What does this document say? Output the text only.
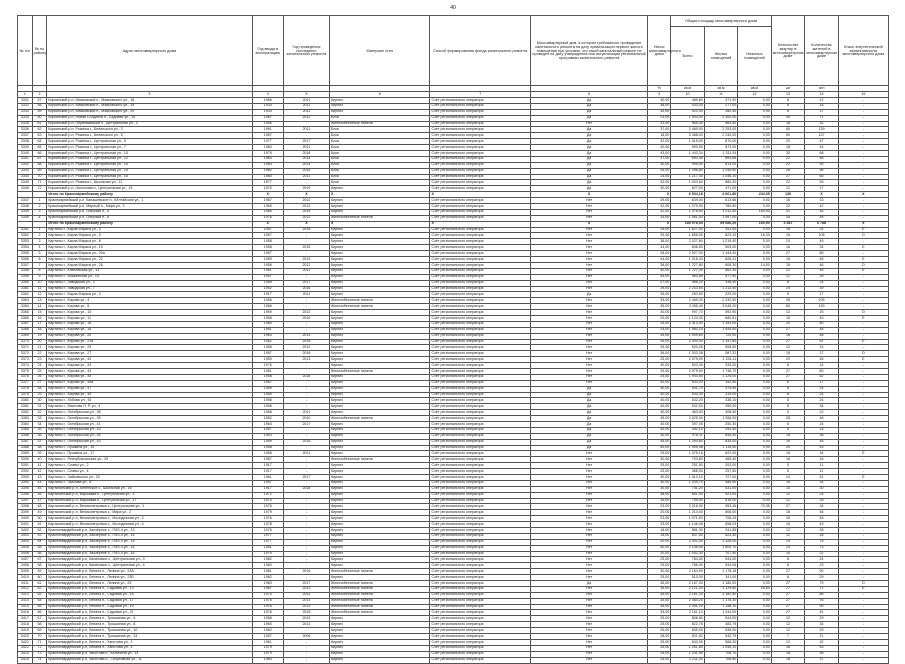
40
№ п/п	№ по району	Адрес многоквартирного дома	Год ввода в эксплуатацию	Год проведения последнего капитального ремонта	Материал стен	Способ формирования фонда капитального ремонта	Многоквартирный дом, в котором требовалось проведение капитального ремонта на дату приватизации первого жилого помещения при условии, что такой капитальный ремонт не проведен на дату утверждения или актуализации региональной программы капитального ремонта	Износ многоквартирного дома	Общая площадь многоквартирного дома			Количество квартир в многоквартирном доме	Количество жителей в многоквартирном доме	Класс энергетической эффективности многоквартирного дома
									Всего	Жилых помещений	Нежилых помещений			
								%	кв.м	кв.м	кв.м	шт	чел	
1	2	3	4	5	6	7	8	9	10	11	12	13	14	15
3331	57	Коркинский р-н, Маяковский п., Маяковского ул., 18	1966	2011	Кирпич	Счёт регионального оператора	Да	40,00	489,60	371,90	0,00	8	12	-
3332	58	Коркинский р-н, Маяковский п., Маяковского ул., 19	1934	2011	Кирпич	Счёт регионального оператора	Да	38,00	433,00	277,00	0,00	8	16	-
3333	59	Коркинский р-н, Маяковский п., Маяковского ул., 20	1934	2011	Кирпич	Счёт регионального оператора	Да	35,00	422,00	282,40	0,00	8	17	-
3334	60	Коркинский р-н, Новая Солдатка п., Садовая ул., 14	1987	2012	Блок	Счёт регионального оператора	Да	23,00	1 943,00	1 302,00	0,00	30	71	-
3335	61	Коркинский р-н, Первомайский п., Центральная ул., 3	1955	-	Железобетонные панели	Счёт регионального оператора	Нет	33,00	965,30	563,40	0,00	16	32	-
3336	62	Коркинский р-н, Розинка г., Белинского ул., 3	1961	2011	Блок	Счёт регионального оператора	Да	37,00	2 489,00	2 253,00	0,00	60	139	-
3337	63	Коркинский р-н, Розинка г., Белинского ул., 5	1987	-	Блок	Счёт регионального оператора	Да	18,00	3 468,00	2 240,00	0,00	50	127	-
3338	64	Коркинский р-н, Розинка г., Центральная ул., 5	1977	2017	Блок	Счёт регионального оператора	Да	32,00	1 015,00	870,00	0,00	20	47	-
3339	65	Коркинский р-н, Розинка г., Центральная ул., 7	1960	2011	Блок	Счёт регионального оператора	Да	40,00	993,50	873,00	0,00	18	44	-
3340	66	Коркинский р-н, Розинка г., Центральная ул., 10	1979	2018	Блок	Счёт регионального оператора	Да	43,00	1 443,34	1 311,34	0,00	30	68	-
3341	67	Коркинский р-н, Розинка г., Центральная ул., 12	1984	2014	Блок	Счёт регионального оператора	Да	37,00	993,45	893,88	0,00	22	48	-
3342	68	Коркинский р-н, Розинка г., Центральная ул., 14	1984	2014	Блок	Счёт регионального оператора	Да	30,00	995,00	813,00	0,00	22	50	-
3343	69	Коркинский р-н, Розинка г., Центральная ул., 15	1982	2015	Блок	Счёт регионального оператора	Да	26,00	1 396,60	1 245,60	0,00	28	56	-
3344	70	Коркинский р-н, Розинка г., Центральная ул., 16	1984	2011	Блок	Счёт регионального оператора	Да	24,00	1 217,30	1 046,10	0,00	27	60	-
3345	71	Коркинский р-н, Розинка г., Школьная ул., 13	1977	-	Блок	Счёт регионального оператора	Да	32,00	1 003,60	880,20	0,00	22	55	-
3346	72	Коркинский р-н, Шолохова п., Центральная ул., 19	1970	2019	Кирпич	Счёт регионального оператора	Да	30,00	627,00	471,00	0,00	12	27	-
		Итого по Красноармейскому району	X	X	X	X	X	X	6 504,18	4 661,80	244,05	139	X	X
3347	1	Красноармейский р-н, Канашевское п., Кёлтайская ул., 1	1967	2012	Кирпич	Счёт регионального оператора	Нет	29,00	639,00	613,56	0,00	16	33	-
3348	2	Красноармейский р-н, Мирный п., Мира ул., 3	1965	2013	Кирпич	Счёт регионального оператора	Нет	42,00	1 079,90	780,80	0,00	22	42	-
3349	3	Красноармейский р-н, Озерный п., 5	1985	2015	Кирпич	Счёт регионального оператора	Нет	32,00	1 378,50	1 212,50	164,00	31	46	-
3350	4	Красноармейский р-н, Озерный п., 8	1976	2012	Железобетонные панели	Счёт регионального оператора	Нет	34,00	1 561,00	1 497,00	0,00	28	48	-
		Итого по Красноармейскому району	X	X	X	X	X	X	185 978,33	69 086,20	165,50	3 387	6 788	X
3351	1	Карталы г., Карла Маркса ул., 3	1957	2018	Кирпич	Счёт регионального оператора	Нет	25,00	1 627,00	811,00	0,00	16	24	E
3352	2	Карталы г., Карла Маркса ул., 5	1957	-	Кирпич	Счёт регионального оператора	Нет	25,00	1 656,00	823,10	16,33	16	108	D
3353	3	Карталы г., Карла Маркса ул., 8	1958	-	Кирпич	Счёт регионального оператора	Нет	38,00	2 027,60	1 219,40	0,00	24	45	-
3354	4	Карталы г., Карла Маркса ул., 10	1958	2015	Кирпич	Счёт регионального оператора	Нет	44,00	846,50	509,00	0,00	16	34	E
3355	5	Карталы г., Карла Маркса ул., 20а	1957	-	Кирпич	Счёт регионального оператора	Нет	28,00	2 927,00	1 444,40	0,00	27	80	-
3356	6	Карталы г., Карла Маркса ул., 22	1959	2013	Кирпич	Счёт регионального оператора	Нет	44,00	1 215,33	826,41	0,00	16	46	E
3357	7	Карталы г., Карла Маркса ул., 26	1958	2012	Кирпич	Счёт регионального оператора	Нет	38,00	1 227,80	806,30	14,00	16	46	D
3358	8	Карталы г., Ключевская ул., 13	1961	2011	Кирпич	Счёт регионального оператора	Нет	40,00	1 227,05	862,30	0,00	22	46	E
3359	9	Карталы г., Вокзальная ул., 15	1957	-	Кирпич	Счёт регионального оператора	Нет	45,00	963,89	577,90	0,00	12	26	-
3360	10	Карталы г., Заводская ул., 3	1958	2017	Кирпич	Счёт регионального оператора	Нет	27,00	486,20	336,40	0,00	8	24	-
3361	11	Карталы г., Заводская ул., 7	1952	2016	Кирпич	Счёт регионального оператора	Нет	29,00	2 233,64	1 212,50	0,00	20	39	-
3362	12	Карталы г., Карла Маркса ул., 2	1917	2011	Кирпич	Счёт регионального оператора	Да	35,00	283,60	229,00	0,00	5	17	-
3363	13	Карталы г., Кирова ул., 4	1956	-	Железобетонные панели	Счёт регионального оператора	Нет	35,00	2 465,30	2 232,90	0,00	45	105	-
3364	14	Карталы г., Кирова ул., 9	1966	-	Железобетонные панели	Счёт регионального оператора	Нет	35,00	3 455,40	3 045,20	0,00	60	139	-
3365	15	Карталы г., Кирова ул., 10	1959	2012	Кирпич	Счёт регионального оператора	Нет	30,00	997,70	592,90	0,00	12	25	D
3366	16	Карталы г., Кирова ул., 11	1958	2016	Кирпич	Счёт регионального оператора	Нет	20,00	1 124,30	680,81	0,00	16	40	E
3367	17	Карталы г., Кирова ул., 16	1960	-	Кирпич	Счёт регионального оператора	Нет	25,00	2 413,00	1 393,00	0,00	20	60	-
3368	18	Карталы г., Кирова ул., 18	1961	-	Кирпич	Счёт регионального оператора	Нет	25,00	1 982,24	1 645,90	0,00	27	48	-
3369	19	Карталы г., Кирова ул., 20	1963	2013	Кирпич	Счёт регионального оператора	Нет	35,00	1 009,60	720,00	0,00	16	48	-
3370	20	Карталы г., Кирова ул., 23а	1962	2018	Кирпич	Счёт регионального оператора	Нет	26,00	2 300,00	1 347,60	0,00	27	61	E
3371	21	Карталы г., Кирова ул., 25	1958	2012	Кирпич	Счёт регионального оператора	Нет	25,00	820,25	508,50	0,00	12	24	-
3372	22	Карталы г., Кирова ул., 27	1957	2018	Кирпич	Счёт регионального оператора	Нет	36,00	1 003,38	587,32	0,00	16	37	D
3373	23	Карталы г., Кирова ул., 42	1959	2013	Кирпич	Счёт регионального оператора	Нет	25,00	2 079,09	1 154,11	0,00	20	46	E
3374	24	Карталы г., Кирова ул., 43	1976	-	Кирпич	Счёт регионального оператора	Нет	40,00	533,39	333,20	0,00	8	24	-
3375	25	Карталы г., Кирова ул., 44	1961	-	Железобетонные панели	Счёт регионального оператора	Нет	25,00	2 975,90	1 746,70	0,00	27	80	-
3376	26	Карталы г., Кирова ул., 45	1958	2018	Кирпич	Счёт регионального оператора	Нет	25,00	1 943,50	1 126,00	0,00	27	52	-
3377	27	Карталы г., Кирова ул., 45а	1957	-	Кирпич	Счёт регионального оператора	Нет	40,00	533,20	342,50	0,00	8	17	-
3378	28	Карталы г., Кирова ул., 47	1959	-	Кирпич	Счёт регионального оператора	Да	40,00	541,70	375,50	0,00	8	24	-
3379	29	Карталы г., Кирова ул., 49	1959	-	Кирпич	Счёт регионального оператора	Да	40,00	533,30	319,00	0,00	8	24	-
3380	30	Карталы г., Лобова ул., 51	1958	-	Кирпич	Счёт регионального оператора	Да	40,00	532,20	336,10	0,00	8	24	-
3381	31	Карталы г., Маслова П. Р. ул., 4	1956	-	Кирпич	Счёт регионального оператора	Да	40,00	532,00	350,00	0,00	8	34	-
3382	32	Карталы г., Октябрьская ул., 36	1958	2011	Кирпич	Счёт регионального оператора	Да	40,00	463,00	308,50	0,00	9	22	-
3383	33	Карталы г., Октябрьская ул., 39	1952	2010	Железобетонные панели	Счёт регионального оператора	Да	45,00	2 025,00	1 266,00	0,00	28	48	-
3384	34	Карталы г., Октябрьская ул., 41	1964	2017	Кирпич	Счёт регионального оператора	Да	40,00	397,05	250,30	0,00	8	24	-
3385	35	Карталы г., Октябрьская ул., 43	1957	-	Кирпич	Счёт регионального оператора	Да	40,00	392,10	254,50	0,00	8	24	-
3386	36	Карталы г., Октябрьская ул., 45	1953	-	Кирпич	Счёт регионального оператора	Да	30,00	976,11	645,30	0,00	15	38	-
3387	37	Карталы г., Октябрьская ул., 53	1959	2016	Кирпич	Счёт регионального оператора	Да	45,00	1 294,60	835,00	0,00	16	48	-
3388	38	Карталы г., Пушкина ул., 15	1958	-	Кирпич	Счёт регионального оператора	Да	40,00	1 905,48	1 115,50	0,00	20	53	-
3389	39	Карталы г., Пушкина ул., 17	1958	2011	Кирпич	Счёт регионального оператора	Нет	25,00	1 075,16	622,00	0,00	16	34	E
3390	40	Карталы г., Республиканская ул., 25	1957	-	Железобетонные панели	Счёт регионального оператора	Нет	30,00	703,80	469,40	0,00	16	16	-
3391	41	Карталы г., Славы ул., 2	1917	-	Кирпич	Счёт регионального оператора	Нет	25,00	251,50	202,00	0,00	5	11	-
3392	42	Карталы г., Славы ул., 4	1917	-	Кирпич	Счёт регионального оператора	Нет	25,00	368,00	257,50	0,00	6	11	-
3393	43	Карталы г., Чайковского ул., 20	1961	2017	Кирпич	Счёт регионального оператора	Нет	40,00	1 012,10	727,00	0,00	24	51	E
3394	44	Карталы г., Чкалова ул., 8	1957	-	Кирпич	Счёт регионального оператора	Нет	40,00	1 039,70	585,50	0,00	16	34	-
3395	45	Карталинский р-н, Анненское с., Школьная ул., 16	1917	2018	Кирпич	Счёт регионального оператора	Нет	30,00	741,20	531,00	0,00	10	30	-
3396	46	Карталинский р-н, Варшавка п., Центральная ул., 3	1972	-	Кирпич	Счёт регионального оператора	Нет	38,00	851,00	521,00	0,00	12	24	-
3397	47	Карталинский р-н, Варшавка п., Центральная ул., 17	1970	-	Кирпич	Счёт регионального оператора	Нет	35,00	799,00	516,00	0,00	12	25	-
3398	48	Карталинский р-н, Великопетровка с., Центральная ул., 1	1976	-	Кирпич	Счёт регионального оператора	Нет	23,00	2 016,00	953,46	70,35	27	34	-
3399	49	Карталинский р-н, Великопетровка с., Мира ул., 2	1979	-	Кирпич	Счёт регионального оператора	Нет	20,00	1 214,00	806,00	0,00	18	46	-
3400	50	Карталинский р-н, Великопетровка с., Молодежная ул., 2	1976	-	Кирпич	Счёт регионального оператора	Нет	23,00	1 071,00	708,25	0,00	16	45	-
3401	51	Карталинский р-н, Великопетровка с., Молодежная ул., 4	1978	-	Кирпич	Счёт регионального оператора	Нет	23,00	1 146,08	658,03	0,00	16	43	-
3402	52	Красногвардейский р-н, Заозёрное с., ГМЗ-4 ул., 13	1976	-	Кирпич	Счёт регионального оператора	Нет	18,00	881,30	511,85	0,00	12	28	-
3403	53	Красногвардейский р-н, Заозёрное с., ГМЗ-4 ул., 14	1977	-	Кирпич	Счёт регионального оператора	Нет	15,00	837,00	523,30	0,00	12	26	-
3404	54	Красногвардейский р-н, Заозёрное с., ГМЗ-4 ул., 15	1977	-	Кирпич	Счёт регионального оператора	Нет	20,00	2 002,00	1 326,00	0,00	24	75	-
3405	55	Красногвардейский р-н, Заозёрное с., ГМЗ-4 ул., 16	1981	-	Кирпич	Счёт регионального оператора	Нет	40,00	2 146,06	1 809,70	0,00	24	73	-
3406	56	Красногвардейский р-н, Заозёрное с., ГМЗ-4 ул., 18	1979	-	Кирпич	Счёт регионального оператора	Нет	20,00	1 002,30	707,40	0,00	10	22	-
3407	57	Красногвардейский р-н, Калиновка п., Центральная ул., 3	1982	-	Кирпич	Счёт регионального оператора	Нет	25,00	784,30	544,00	0,00	8	24	-
3408	58	Красногвардейский р-н, Калиновка п., Центральная ул., 4	1983	-	Кирпич	Счёт регионального оператора	Нет	25,00	786,00	544,06	0,00	8	23	-
3409	59	Красногвардейский р-н, Ленина п., Ленина ул., 23А	1981	2016	Железобетонные панели	Счёт регионального оператора	Нет	30,00	2 164,00	1 178,18	0,00	27	90	-
3410	60	Красногвардейский р-н, Ленина п., Ленина ул., 23Б	1982	-	Кирпич	Счёт регионального оператора	Нет	25,00	510,00	341,00	0,00	8	29	-
3411	61	Красногвардейский р-н, Ленина п., Ленина ул., 25	1983	2017	Железобетонные панели	Счёт регионального оператора	Да	35,00	2 157,00	1 180,00	0,00	27	79	D
3412	62	Красногвардейский р-н, Ленина п., Садовая ул., 13	1987	2013	Железобетонные панели	Счёт регионального оператора	Нет	35,00	2 121,20	1 129,80	28,64	27	71	E
3413	63	Красногвардейский р-н, Ленина п., Садовая ул., 15	1975	2013	Железобетонные панели	Счёт регионального оператора	Нет	35,00	2 161,20	1 182,50	0,00	27	86	-
3414	64	Красногвардейский р-н, Ленина п., Садовая ул., 17	1976	2013	Железобетонные панели	Счёт регионального оператора	Нет	35,00	2 084,20	1 178,30	0,00	27	76	-
3415	65	Красногвардейский р-н, Ленина п., Садовая ул., 19	1976	2013	Железобетонные панели	Счёт регионального оператора	Нет	35,00	2 091,20	1 158,10	0,00	27	90	-
3416	66	Красногвардейский р-н, Ленина п., Садовая ул., 21	1976	2015	Железобетонные панели	Счёт регионального оператора	Нет	35,00	2 161,10	1 244,00	0,00	27	81	-
3417	67	Красногвардейский р-н, Ленина п., Трошкиная ул., 6	1958	2015	Кирпич	Счёт регионального оператора	Нет	25,00	806,80	544,00	0,00	12	29	-
3418	68	Красногвардейский р-н, Ленина п., Трошкиная ул., 8	1960	2013	Кирпич	Счёт регионального оператора	Нет	25,00	822,78	483,79	0,00	12	34	-
3419	69	Красногвардейский р-н, Ленина п., Трошкиная ул., 10	1962	-	Кирпич	Счёт регионального оператора	Нет	25,00	835,00	536,00	0,00	12	29	-
3420	70	Красногвардейский р-н, Ленина п., Трошкиная ул., 24	1957	2006	Кирпич	Счёт регионального оператора	Нет	28,00	811,92	542,79	0,00	7	21	-
3421	71	Красногвардейский р-н, Ленина п., Хвостова ул., 2	1961	-	Кирпич	Счёт регионального оператора	Нет	25,00	843,05	568,30	0,00	12	32	-
3422	72	Красногвардейский р-н, Ленина п., Хвостова ул., 4	1979	-	Кирпич	Счёт регионального оператора	Нет	25,00	1 251,80	1 045,10	0,00	18	53	-
3423	73	Красногвардейский р-н, Хвостова п., Калинина ул., 14	1979	-	Кирпич	Счёт регионального оператора	Нет	25,00	1 241,95	706,70	0,00	18	58	-
3424	74	Красногвардейский р-н, Хвостова п., Спортивная ул., 11	1983	-	Кирпич	Счёт регионального оператора	Нет	25,00	1 211,20	706,80	0,00	18	37	-
